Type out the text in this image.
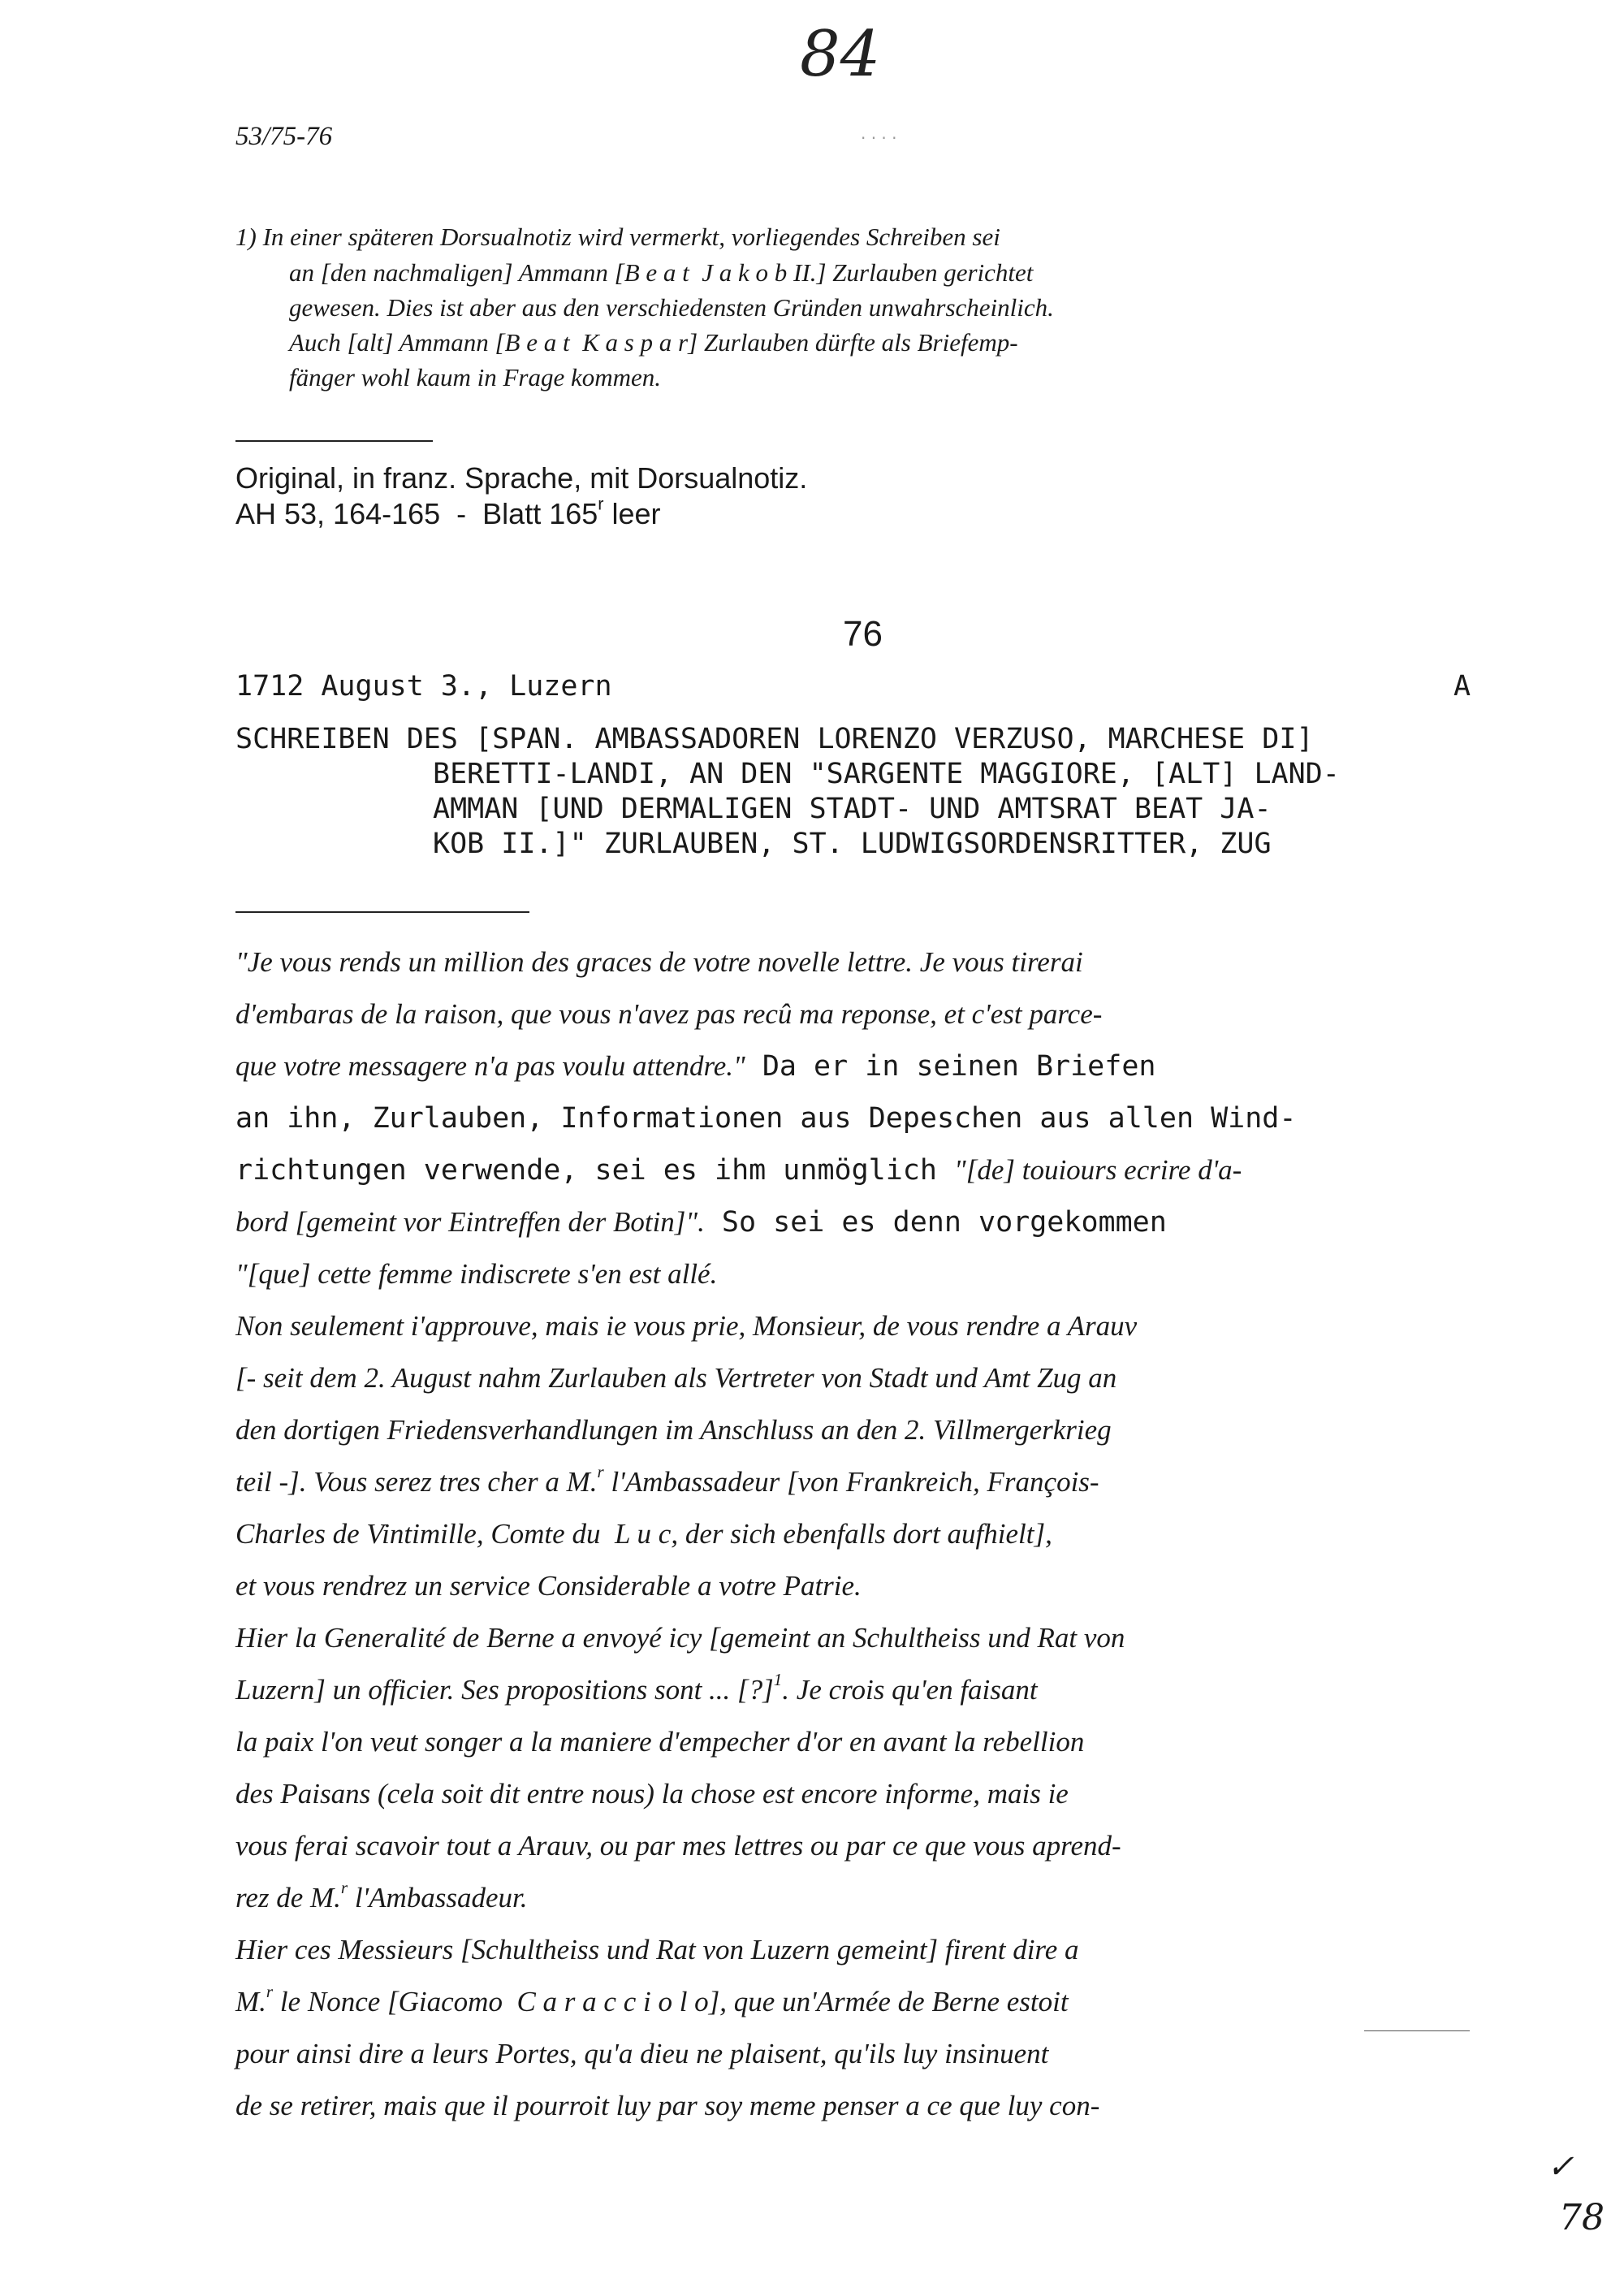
84
53/75-76	· · · ·
1) In einer späteren Dorsualnotiz wird vermerkt, vorliegendes Schreiben sei
an [den nachmaligen] Ammann [B e a t  J a k o b II.] Zurlauben gerichtet
gewesen. Dies ist aber aus den verschiedensten Gründen unwahrscheinlich.
Auch [alt] Ammann [B e a t  K a s p a r] Zurlauben dürfte als Briefemp-
fänger wohl kaum in Frage kommen.
Original, in franz. Sprache, mit Dorsualnotiz.
AH 53, 164-165  -  Blatt 165$^r$ leer
76
1712 August 3., Luzern	A
SCHREIBEN DES [SPAN. AMBASSADOREN LORENZO VERZUSO, MARCHESE DI]
BERETTI-LANDI, AN DEN "SARGENTE MAGGIORE, [ALT] LAND-
AMMAN [UND DERMALIGEN STADT- UND AMTSRAT BEAT JA-
KOB II.]" ZURLAUBEN, ST. LUDWIGSORDENSRITTER, ZUG
"Je vous rends un million des graces de votre novelle lettre. Je vous tirerai
d'embaras de la raison, que vous n'avez pas recû ma reponse, et c'est parce-
que votre messagere n'a pas voulu attendre." Da er in seinen Briefen
an ihn, Zurlauben, Informationen aus Depeschen aus allen Wind-
richtungen verwende, sei es ihm unmöglich "[de] touiours ecrire d'a-
bord [gemeint vor Eintreffen der Botin]". So sei es denn vorgekommen
"[que] cette femme indiscrete s'en est allé.
Non seulement i'approuve, mais ie vous prie, Monsieur, de vous rendre a Arauv
[- seit dem 2. August nahm Zurlauben als Vertreter von Stadt und Amt Zug an
den dortigen Friedensverhandlungen im Anschluss an den 2. Villmergerkrieg
teil -]. Vous serez tres cher a M.$^r$ l'Ambassadeur [von Frankreich, François-
Charles de Vintimille, Comte du  L u c, der sich ebenfalls dort aufhielt],
et vous rendrez un service Considerable a votre Patrie.
Hier la Generalité de Berne a envoyé icy [gemeint an Schultheiss und Rat von
Luzern] un officier. Ses propositions sont ... [?]$^1$. Je crois qu'en faisant
la paix l'on veut songer a la maniere d'empecher d'or en avant la rebellion
des Paisans (cela soit dit entre nous) la chose est encore informe, mais ie
vous ferai scavoir tout a Arauv, ou par mes lettres ou par ce que vous aprend-
rez de M.$^r$ l'Ambassadeur.
Hier ces Messieurs [Schultheiss und Rat von Luzern gemeint] firent dire a
M.$^r$ le Nonce [Giacomo  C a r a c c i o l o], que un'Armée de Berne estoit
pour ainsi dire a leurs Portes, qu'a dieu ne plaisent, qu'ils luy insinuent
de se retirer, mais que il pourroit luy par soy meme penser a ce que luy con-
✓
78
